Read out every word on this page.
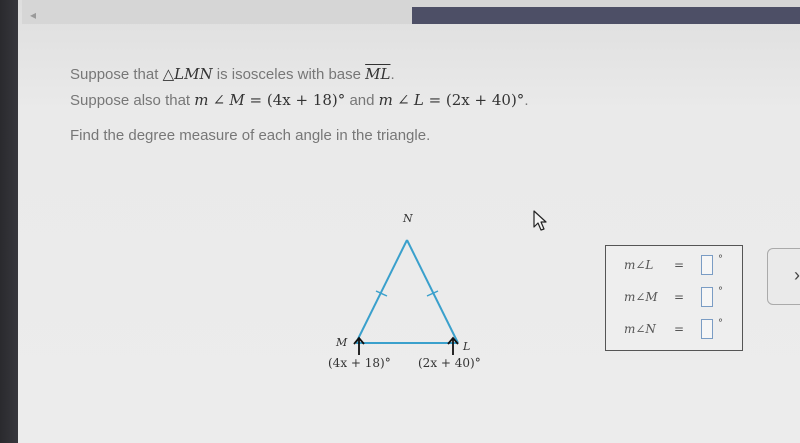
◂
Suppose that △LMN is isosceles with base $\overline{ML}$.
Suppose also that m ∠ M = (4x + 18)° and m ∠ L = (2x + 40)°.
Find the degree measure of each angle in the triangle.
N
M	L
(4x + 18)° (2x + 40)°
m∠L =	°
m∠M =	°
m∠N =	°
›
